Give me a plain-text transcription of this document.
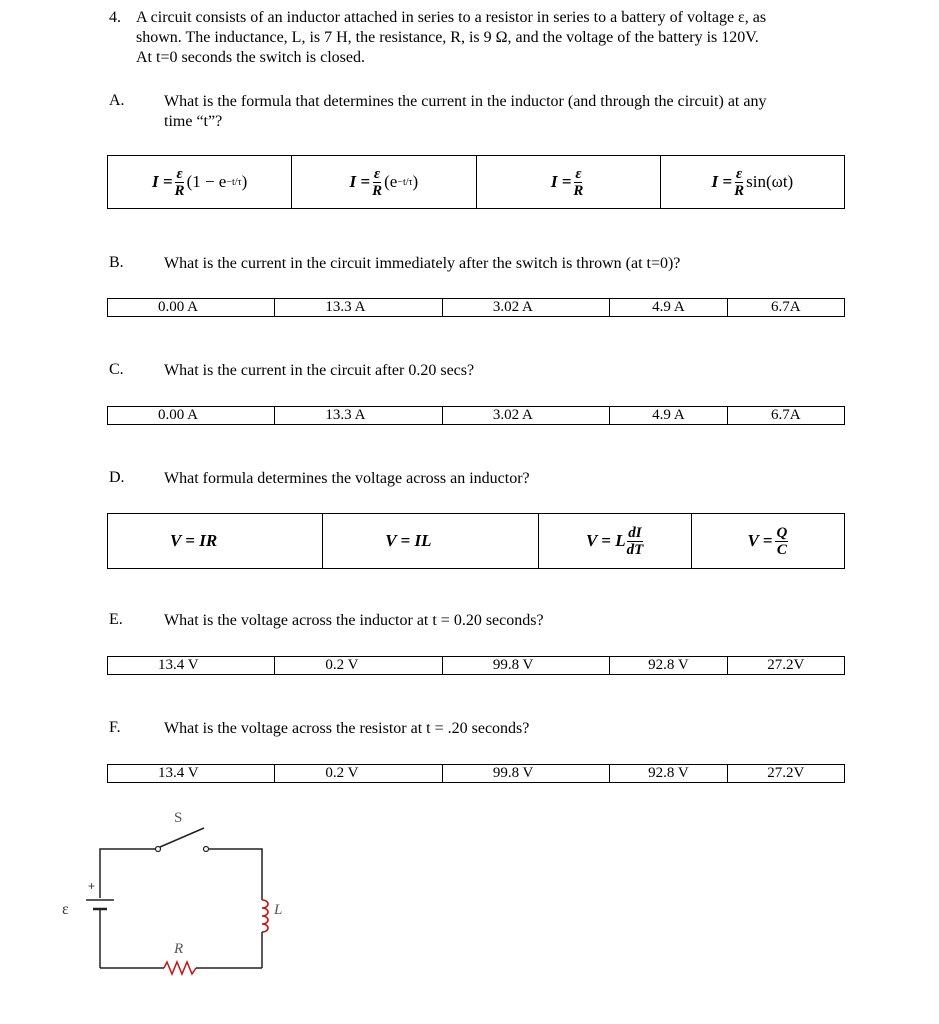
4. A circuit consists of an inductor attached in series to a resistor in series to a battery of voltage ε, as
shown. The inductance, L, is 7 H, the resistance, R, is 9 Ω, and the voltage of the battery is 120V.
At t=0 seconds the switch is closed.
A. What is the formula that determines the current in the inductor (and through the circuit) at any
time “t”?
$I = \frac{\varepsilon}{R} (1 - e -t/\tau$ )	$I = \frac{\varepsilon}{R} (e -t/\tau$ )	$I = \frac{\varepsilon}{R}$	$I = \frac{\varepsilon}{R} \sin(\omega t)$
B.	What is the current in the circuit immediately after the switch is thrown (at t=0)?
0.00 A	13.3 A	3.02 A	4.9 A	6.7A
C.	What is the current in the circuit after 0.20 secs?
0.00 A	13.3 A	3.02 A	4.9 A	6.7A
D. What formula determines the voltage across an inductor?
V = IR	V = IL	V = L $\frac{dI}{dT}$	$V = \frac{Q}{C}$
E.	What is the voltage across the inductor at t = 0.20 seconds?
13.4 V	0.2 V	99.8 V	92.8 V	27.2V
F.	What is the voltage across the resistor at t = .20 seconds?
13.4 V	0.2 V	99.8 V	92.8 V	27.2V
S
+
ε
R
L
